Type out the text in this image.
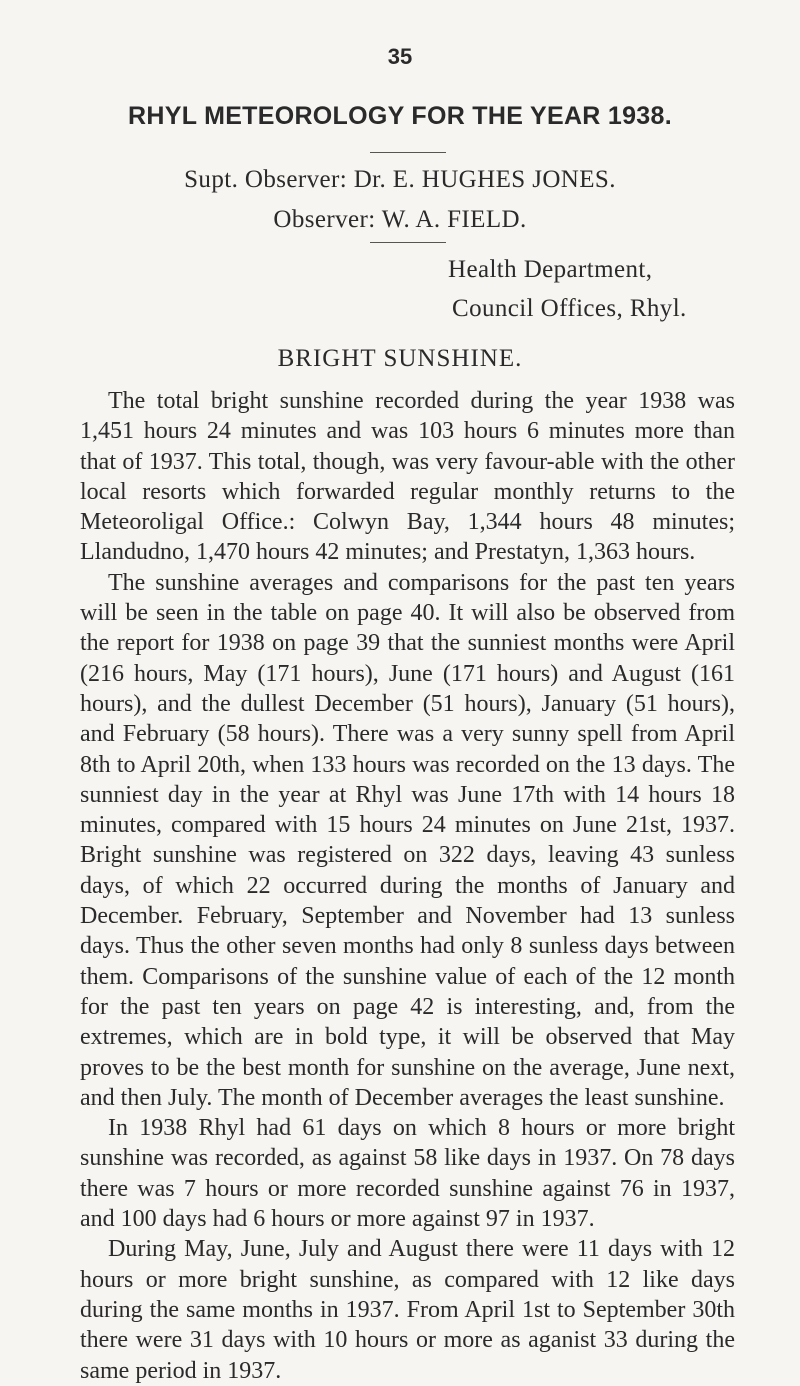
35
RHYL METEOROLOGY FOR THE YEAR 1938.
Supt. Observer: Dr. E. HUGHES JONES.
Observer: W. A. FIELD.
Health Department,
Council Offices, Rhyl.
BRIGHT SUNSHINE.

The total bright sunshine recorded during the year 1938 was 1,451 hours 24 minutes and was 103 hours 6 minutes more than that of 1937. This total, though, was very favour-able with the other local resorts which forwarded regular monthly returns to the Meteoroligal Office.: Colwyn Bay, 1,344 hours 48 minutes; Llandudno, 1,470 hours 42 minutes; and Prestatyn, 1,363 hours.

The sunshine averages and comparisons for the past ten years will be seen in the table on page 40. It will also be observed from the report for 1938 on page 39 that the sunniest months were April (216 hours, May (171 hours), June (171 hours) and August (161 hours), and the dullest December (51 hours), January (51 hours), and February (58 hours). There was a very sunny spell from April 8th to April 20th, when 133 hours was recorded on the 13 days. The sunniest day in the year at Rhyl was June 17th with 14 hours 18 minutes, compared with 15 hours 24 minutes on June 21st, 1937. Bright sunshine was registered on 322 days, leaving 43 sunless days, of which 22 occurred during the months of January and December. February, September and November had 13 sunless days. Thus the other seven months had only 8 sunless days between them. Comparisons of the sunshine value of each of the 12 month for the past ten years on page 42 is interesting, and, from the extremes, which are in bold type, it will be observed that May proves to be the best month for sunshine on the average, June next, and then July. The month of December averages the least sunshine.

In 1938 Rhyl had 61 days on which 8 hours or more bright sunshine was recorded, as against 58 like days in 1937. On 78 days there was 7 hours or more recorded sunshine against 76 in 1937, and 100 days had 6 hours or more against 97 in 1937.

During May, June, July and August there were 11 days with 12 hours or more bright sunshine, as compared with 12 like days during the same months in 1937. From April 1st to September 30th there were 31 days with 10 hours or more as aganist 33 during the same period in 1937.
